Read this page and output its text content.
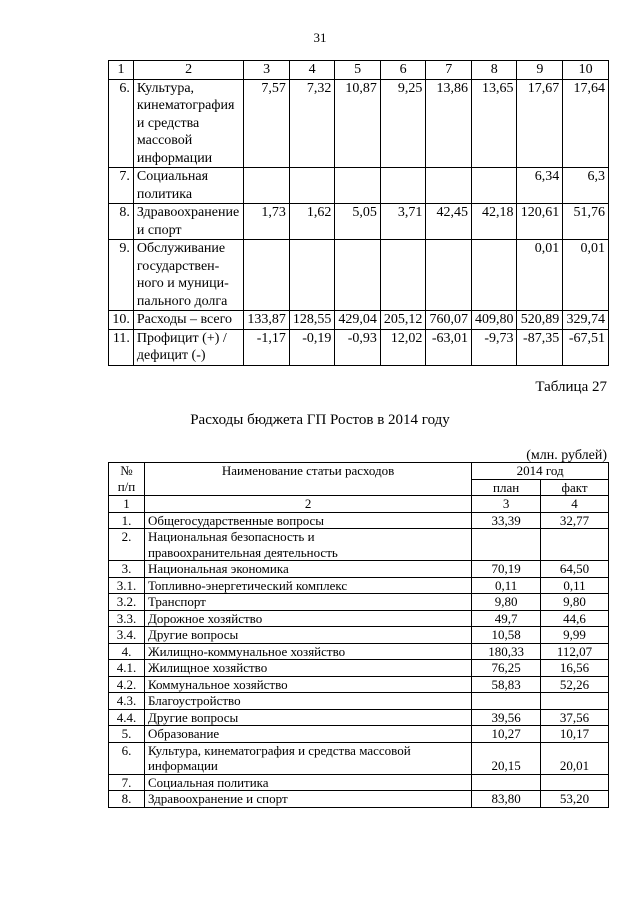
31
1	2	3	4	5	6	7	8	9	10
6.	Культура,
кинематография
и средства
массовой
информации	7,57	7,32	10,87	9,25	13,86	13,65	17,67	17,64
7.	Социальная
политика							6,34	6,3
8.	Здравоохранение
и спорт	1,73	1,62	5,05	3,71	42,45	42,18	120,61	51,76
9.	Обслуживание
государствен-
ного и муници-
пального долга							0,01	0,01
10.	Расходы – всего	133,87	128,55	429,04	205,12	760,07	409,80	520,89	329,74
11.	Профицит (+) /
дефицит (-)	-1,17	-0,19	-0,93	12,02	-63,01	-9,73	-87,35	-67,51
Таблица 27
Расходы бюджета ГП Ростов в 2014 году
(млн. рублей)
№
п/п	Наименование статьи расходов	2014 год	
		план	факт
1	2	3	4
1.	Общегосударственные вопросы	33,39	32,77
2.	Национальная безопасность и
правоохранительная деятельность		
3.	Национальная экономика	70,19	64,50
3.1.	Топливно-энергетический комплекс	0,11	0,11
3.2.	Транспорт	9,80	9,80
3.3.	Дорожное хозяйство	49,7	44,6
3.4.	Другие вопросы	10,58	9,99
4.	Жилищно-коммунальное хозяйство	180,33	112,07
4.1.	Жилищное хозяйство	76,25	16,56
4.2.	Коммунальное хозяйство	58,83	52,26
4.3.	Благоустройство		
4.4.	Другие вопросы	39,56	37,56
5.	Образование	10,27	10,17
6.	Культура, кинематография и средства массовой
информации	20,15	20,01
7.	Социальная политика		
8.	Здравоохранение и спорт	83,80	53,20
